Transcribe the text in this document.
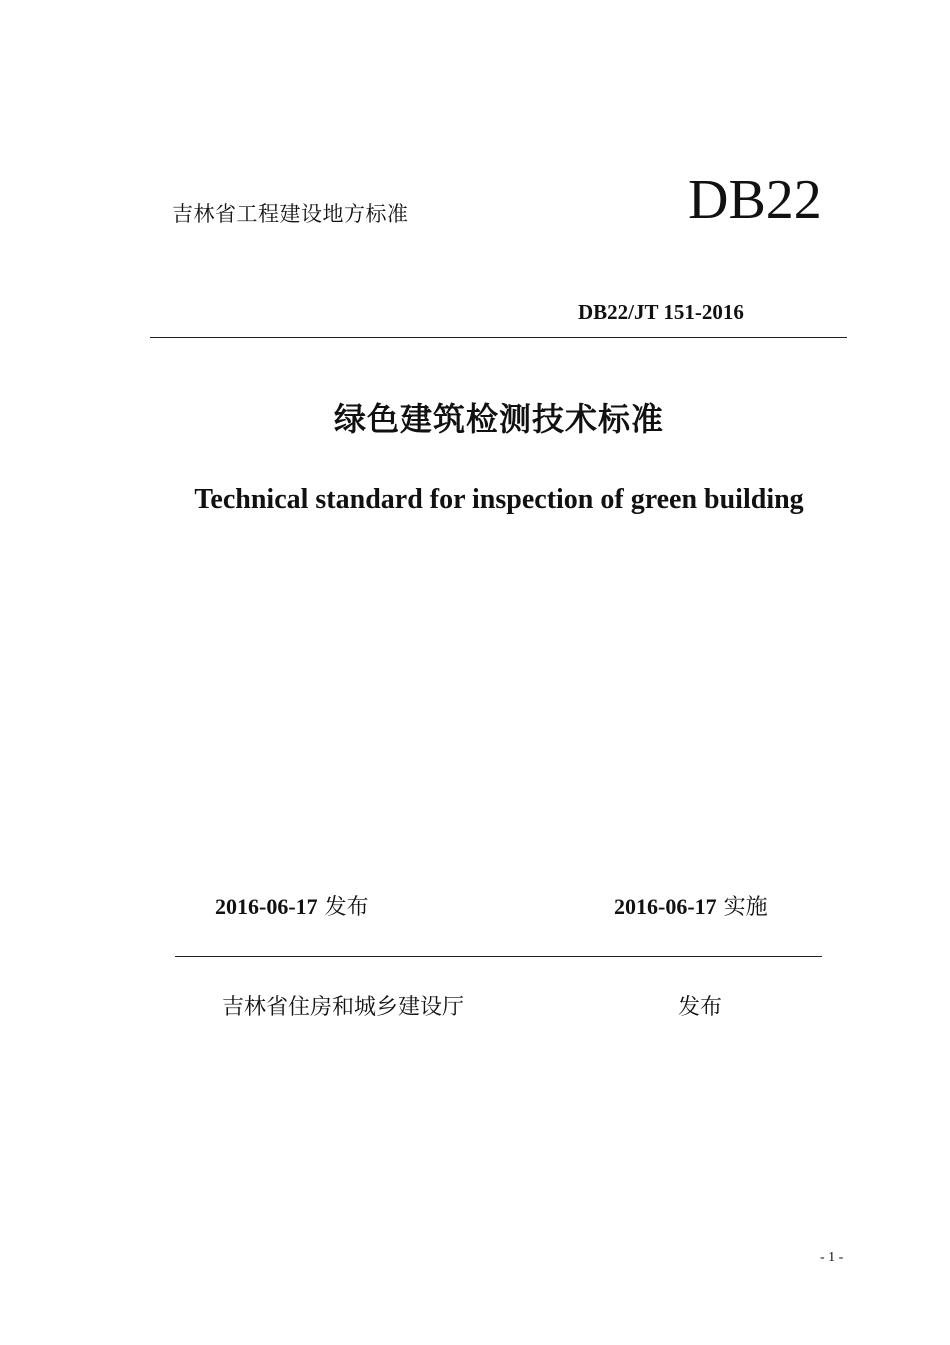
吉林省工程建设地方标准	DB22
DB22/JT 151-2016
绿色建筑检测技术标准
Technical standard for inspection of green building
2016-06-17 发布	2016-06-17 实施
吉林省住房和城乡建设厅	发布
- 1 -
